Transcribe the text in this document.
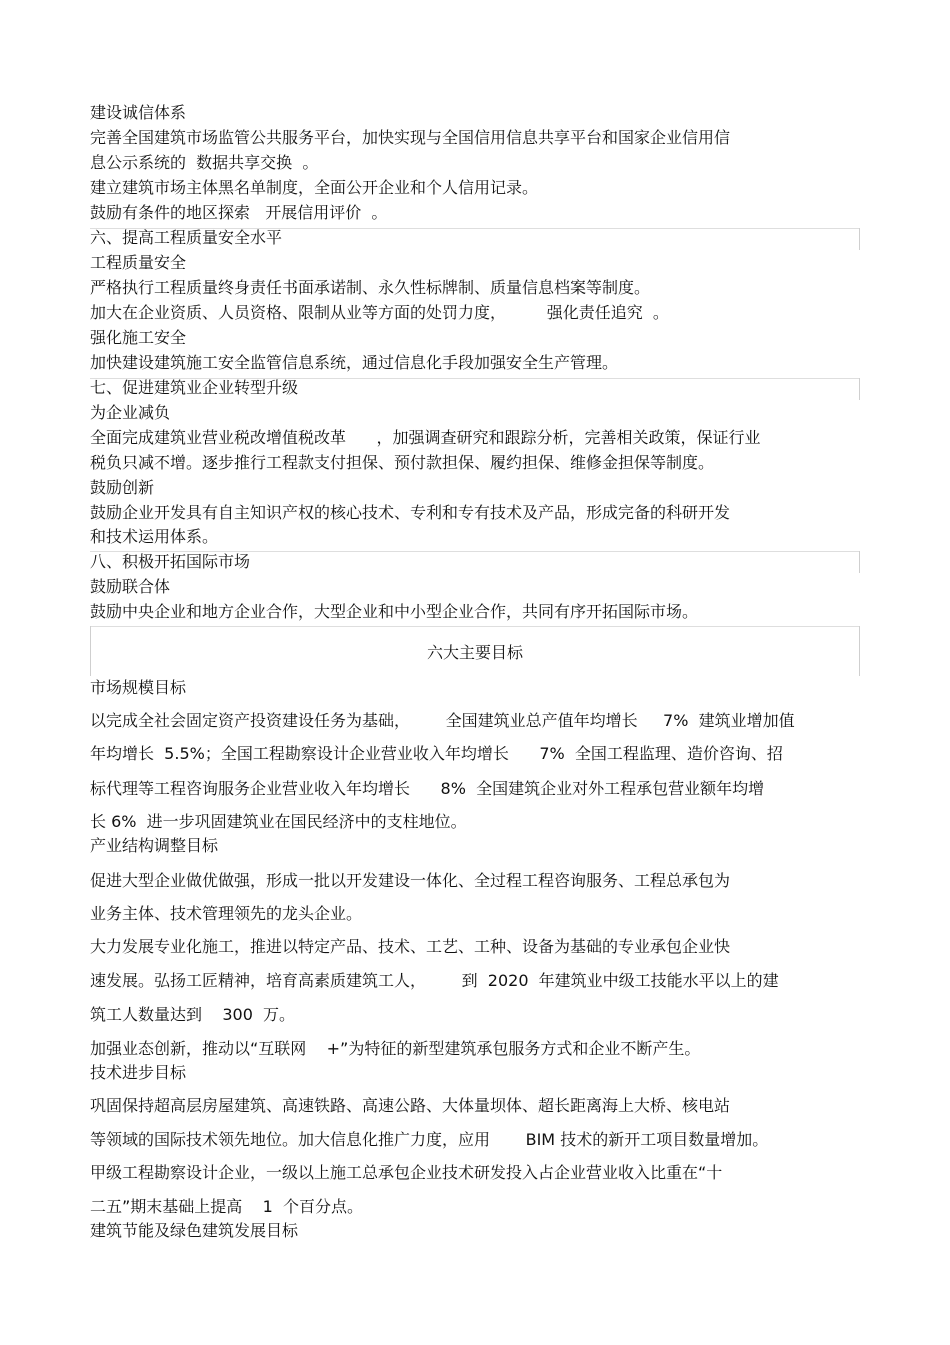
建设诚信体系
完善全国建筑市场监管公共服务平台，加快实现与全国信用信息共享平台和国家企业信用信
息公示系统的  数据共享交换  。
建立建筑市场主体黑名单制度，全面公开企业和个人信用记录。
鼓励有条件的地区探索   开展信用评价  。
六、提高工程质量安全水平
工程质量安全
严格执行工程质量终身责任书面承诺制、永久性标牌制、质量信息档案等制度。
加大在企业资质、人员资格、限制从业等方面的处罚力度，        强化责任追究  。
强化施工安全
加快建设建筑施工安全监管信息系统，通过信息化手段加强安全生产管理。
七、促进建筑业企业转型升级
为企业减负
全面完成建筑业营业税改增值税改革      ，加强调查研究和跟踪分析，完善相关政策，保证行业
税负只减不增。逐步推行工程款支付担保、预付款担保、履约担保、维修金担保等制度。
鼓励创新
鼓励企业开发具有自主知识产权的核心技术、专利和专有技术及产品，形成完备的科研开发
和技术运用体系。
八、积极开拓国际市场
鼓励联合体
鼓励中央企业和地方企业合作，大型企业和中小型企业合作，共同有序开拓国际市场。
六大主要目标
市场规模目标
以完成全社会固定资产投资建设任务为基础，       全国建筑业总产值年均增长     7%  建筑业增加值
年均增长  5.5%；全国工程勘察设计企业营业收入年均增长      7%  全国工程监理、造价咨询、招
标代理等工程咨询服务企业营业收入年均增长      8%  全国建筑企业对外工程承包营业额年均增
长 6%  进一步巩固建筑业在国民经济中的支柱地位。
产业结构调整目标
促进大型企业做优做强，形成一批以开发建设一体化、全过程工程咨询服务、工程总承包为
业务主体、技术管理领先的龙头企业。
大力发展专业化施工，推进以特定产品、技术、工艺、工种、设备为基础的专业承包企业快
速发展。弘扬工匠精神，培育高素质建筑工人，       到  2020  年建筑业中级工技能水平以上的建
筑工人数量达到    300  万。
加强业态创新，推动以“互联网    +”为特征的新型建筑承包服务方式和企业不断产生。
技术进步目标
巩固保持超高层房屋建筑、高速铁路、高速公路、大体量坝体、超长距离海上大桥、核电站
等领域的国际技术领先地位。加大信息化推广力度，应用       BIM 技术的新开工项目数量增加。
甲级工程勘察设计企业，一级以上施工总承包企业技术研发投入占企业营业收入比重在“十
二五”期末基础上提高    1  个百分点。
建筑节能及绿色建筑发展目标
